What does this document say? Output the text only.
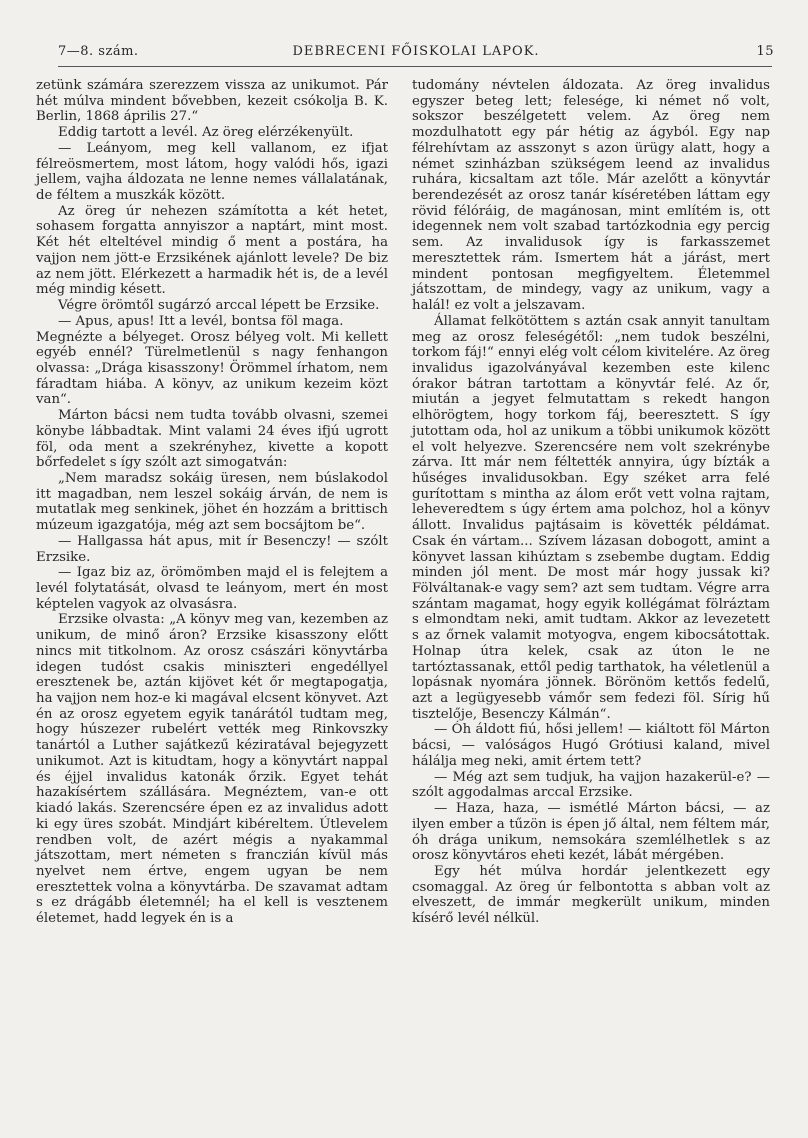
7—8. szám.	DEBRECENI FŐISKOLAI LAPOK.	15

zetünk számára szerezzem vissza az unikumot. Pár hét múlva mindent bővebben, kezeit csókolja B. K. Berlin, 1868 április 27.“

Eddig tartott a levél. Az öreg elérzékenyült.

— Leányom, meg kell vallanom, ez ifjat félreösmertem, most látom, hogy valódi hős, igazi jellem, vajha áldozata ne lenne nemes vállalatának, de féltem a muszkák között.

Az öreg úr nehezen számította a két hetet, sohasem forgatta annyiszor a naptárt, mint most. Két hét elteltével mindig ő ment a postára, ha vajjon nem jött-e Erzsikének ajánlott levele? De biz az nem jött. Elérkezett a harmadik hét is, de a levél még mindig késett.

Végre örömtől sugárzó arccal lépett be Erzsike.

— Apus, apus! Itt a levél, bontsa föl maga.

Megnézte a bélyeget. Orosz bélyeg volt. Mi kellett egyéb ennél? Türelmetlenül s nagy fenhangon olvassa: „Drága kisasszony! Örömmel írhatom, nem fáradtam hiába. A könyv, az unikum kezeim közt van“.

Márton bácsi nem tudta tovább olvasni, szemei könybe lábbadtak. Mint valami 24 éves ifjú ugrott föl, oda ment a szekrényhez, kivette a kopott bőrfedelet s így szólt azt simogatván:

„Nem maradsz sokáig üresen, nem búslakodol itt magadban, nem leszel sokáig árván, de nem is mutatlak meg senkinek, jöhet én hozzám a brittisch múzeum igazgatója, még azt sem bocsájtom be“.

— Hallgassa hát apus, mit ír Besenczy! — szólt Erzsike.

— Igaz biz az, örömömben majd el is felejtem a levél folytatását, olvasd te leányom, mert én most képtelen vagyok az olvasásra.

Erzsike olvasta: „A könyv meg van, kezemben az unikum, de minő áron? Erzsike kisasszony előtt nincs mit titkolnom. Az orosz császári könyvtárba idegen tudóst csakis miniszteri engedéllyel eresztenek be, aztán kijövet két őr megtapogatja, ha vajjon nem hoz-e ki magával elcsent könyvet. Azt én az orosz egyetem egyik tanárától tudtam meg, hogy húszezer rubelért vették meg Rinkovszky tanártól a Luther sajátkezű kéziratával bejegyzett unikumot. Azt is kitudtam, hogy a könyvtárt nappal és éjjel invalidus katonák őrzik. Egyet tehát hazakísértem szállására. Megnéztem, van-e ott kiadó lakás. Szerencsére épen ez az invalidus adott ki egy üres szobát. Mindjárt kibéreltem. Útlevelem rendben volt, de azért mégis a nyakammal játszottam, mert németen s franczián kívül más nyelvet nem értve, engem ugyan be nem eresztettek volna a könyvtárba. De szavamat adtam s ez drágább életemnél; ha el kell is vesztenem életemet, hadd legyek én is a

tudomány névtelen áldozata. Az öreg invalidus egyszer beteg lett; felesége, ki német nő volt, sokszor beszélgetett velem. Az öreg nem mozdulhatott egy pár hétig az ágyból. Egy nap félrehívtam az asszonyt s azon ürügy alatt, hogy a német szinházban szükségem leend az invalidus ruhára, kicsaltam azt tőle. Már azelőtt a könyvtár berendezését az orosz tanár kíséretében láttam egy rövid félóráig, de magánosan, mint említém is, ott idegennek nem volt szabad tartózkodnia egy percig sem. Az invalidusok így is farkasszemet meresztettek rám. Ismertem hát a járást, mert mindent pontosan megfigyeltem. Életemmel játszottam, de mindegy, vagy az unikum, vagy a halál! ez volt a jelszavam.

Államat felkötöttem s aztán csak annyit tanultam meg az orosz feleségétől: „nem tudok beszélni, torkom fáj!“ ennyi elég volt célom kivitelére. Az öreg invalidus igazolványával kezemben este kilenc órakor bátran tartottam a könyvtár felé. Az őr, miután a jegyet felmutattam s rekedt hangon elhörögtem, hogy torkom fáj, beeresztett. S így jutottam oda, hol az unikum a többi unikumok között el volt helyezve. Szerencsére nem volt szekrénybe zárva. Itt már nem féltették annyira, úgy bízták a hűséges invalidusokban. Egy széket arra felé gurítottam s mintha az álom erőt vett volna rajtam, leheveredtem s úgy értem ama polchoz, hol a könyv állott. Invalidus pajtásaim is követték példámat. Csak én vártam... Szívem lázasan dobogott, amint a könyvet lassan kihúztam s zsebembe dugtam. Eddig minden jól ment. De most már hogy jussak ki? Fölváltanak-e vagy sem? azt sem tudtam. Végre arra szántam magamat, hogy egyik kollégámat fölráztam s elmondtam neki, amit tudtam. Akkor az levezetett s az őrnek valamit motyogva, engem kibocsátottak. Holnap útra kelek, csak az úton le ne tartóztassanak, ettől pedig tarthatok, ha véletlenül a lopásnak nyomára jönnek. Börönöm kettős fedelű, azt a legügyesebb vámőr sem fedezi föl. Sírig hű tisztelője, Besenczy Kálmán“.

— Óh áldott fiú, hősi jellem! — kiáltott föl Márton bácsi, — valóságos Hugó Grótiusi kaland, mivel hálálja meg neki, amit értem tett?

— Még azt sem tudjuk, ha vajjon hazakerül-e? — szólt aggodalmas arccal Erzsike.

— Haza, haza, — ismétlé Márton bácsi, — az ilyen ember a tűzön is épen jő által, nem féltem már, óh drága unikum, nemsokára szemlélhetlek s az orosz könyvtáros eheti kezét, lábát mérgében.

Egy hét múlva hordár jelentkezett egy csomaggal. Az öreg úr felbontotta s abban volt az elveszett, de immár megkerült unikum, minden kísérő levél nélkül.
